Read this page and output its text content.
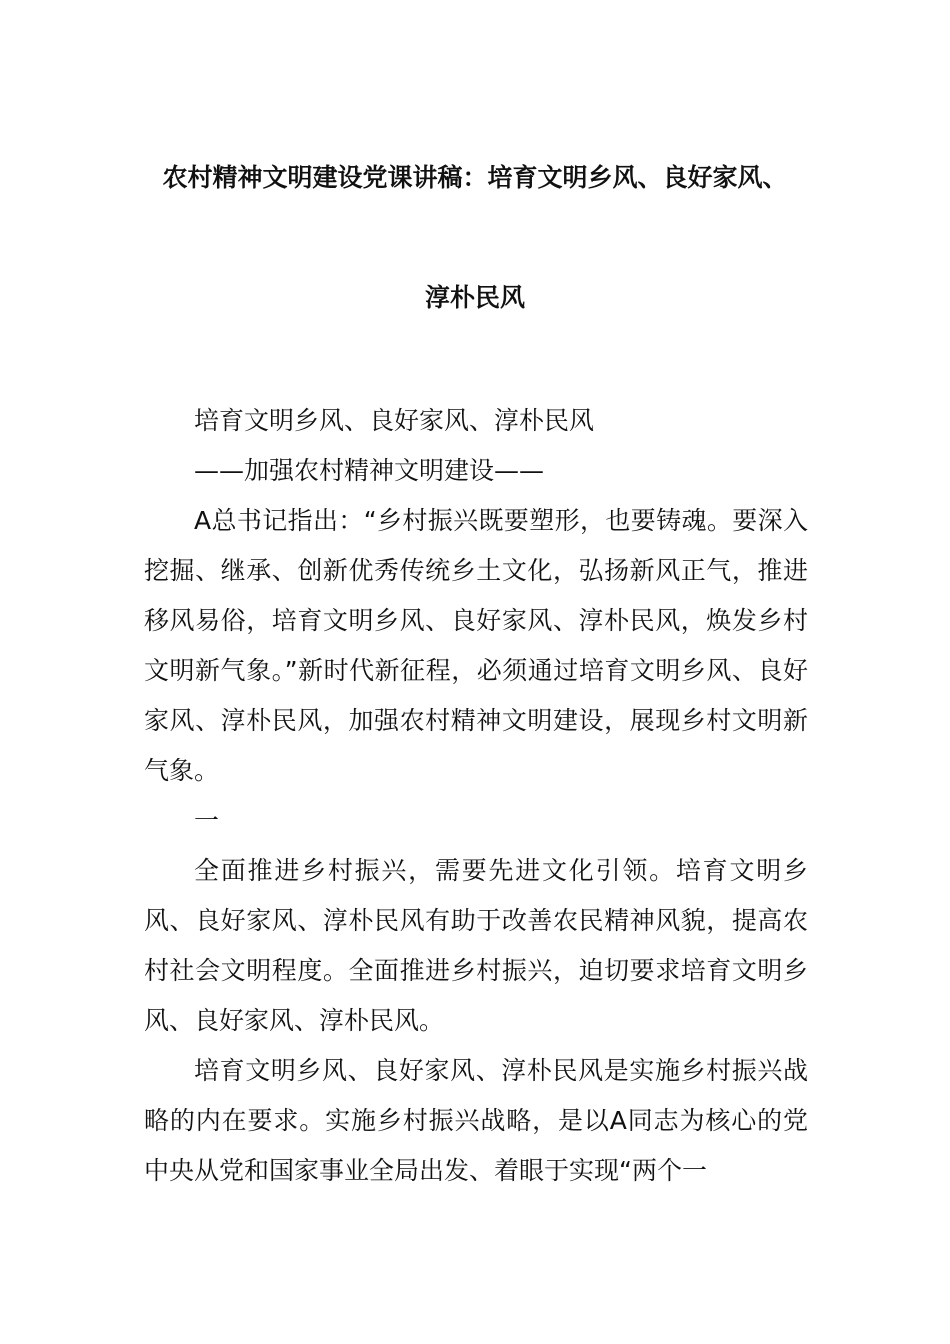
农村精神文明建设党课讲稿：培育文明乡风、良好家风、
淳朴民风

培育文明乡风、良好家风、淳朴民风

——加强农村精神文明建设——

A总书记指出：“乡村振兴既要塑形，也要铸魂。要深入挖掘、继承、创新优秀传统乡土文化，弘扬新风正气，推进移风易俗，培育文明乡风、良好家风、淳朴民风，焕发乡村文明新气象。”新时代新征程，必须通过培育文明乡风、良好家风、淳朴民风，加强农村精神文明建设，展现乡村文明新气象。

一

全面推进乡村振兴，需要先进文化引领。培育文明乡风、良好家风、淳朴民风有助于改善农民精神风貌，提高农村社会文明程度。全面推进乡村振兴，迫切要求培育文明乡风、良好家风、淳朴民风。

培育文明乡风、良好家风、淳朴民风是实施乡村振兴战略的内在要求。实施乡村振兴战略，是以A同志为核心的党中央从党和国家事业全局出发、着眼于实现“两个一
